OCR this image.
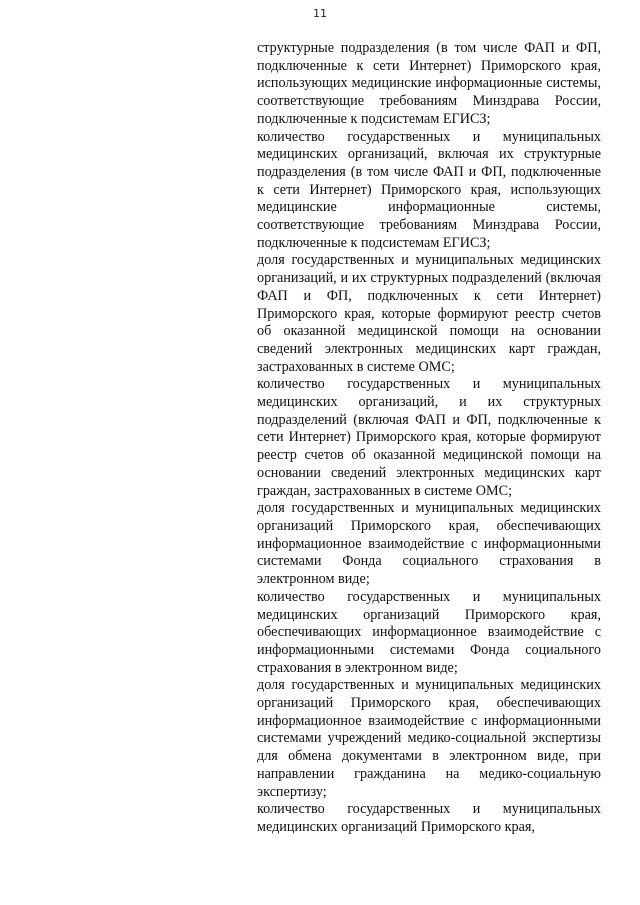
11

структурные подразделения (в том числе ФАП и ФП, подключенные к сети Интернет) Приморского края, использующих медицинские информационные системы, соответствующие требованиям Минздрава России, подключенные к подсистемам ЕГИСЗ;

количество государственных и муниципальных медицинских организаций, включая их структурные подразделения (в том числе ФАП и ФП, подключенные к сети Интернет) Приморского края, использующих медицинские информационные системы, соответствующие требованиям Минздрава России, подключенные к подсистемам ЕГИСЗ;

доля государственных и муниципальных медицинских организаций, и их структурных подразделений (включая ФАП и ФП, подключенных к сети Интернет) Приморского края, которые формируют реестр счетов об оказанной медицинской помощи на основании сведений электронных медицинских карт граждан, застрахованных в системе ОМС;

количество государственных и муниципальных медицинских организаций, и их структурных подразделений (включая ФАП и ФП, подключенные к сети Интернет) Приморского края, которые формируют реестр счетов об оказанной медицинской помощи на основании сведений электронных медицинских карт граждан, застрахованных в системе ОМС;

доля государственных и муниципальных медицинских организаций Приморского края, обеспечивающих информационное взаимодействие с информационными системами Фонда социального страхования в электронном виде;

количество государственных и муниципальных медицинских организаций Приморского края, обеспечивающих информационное взаимодействие с информационными системами Фонда социального страхования в электронном виде;

доля государственных и муниципальных медицинских организаций Приморского края, обеспечивающих информационное взаимодействие с информационными системами учреждений медико-социальной экспертизы для обмена документами в электронном виде, при направлении гражданина на медико-социальную экспертизу;

количество государственных и муниципальных медицинских организаций Приморского края,
